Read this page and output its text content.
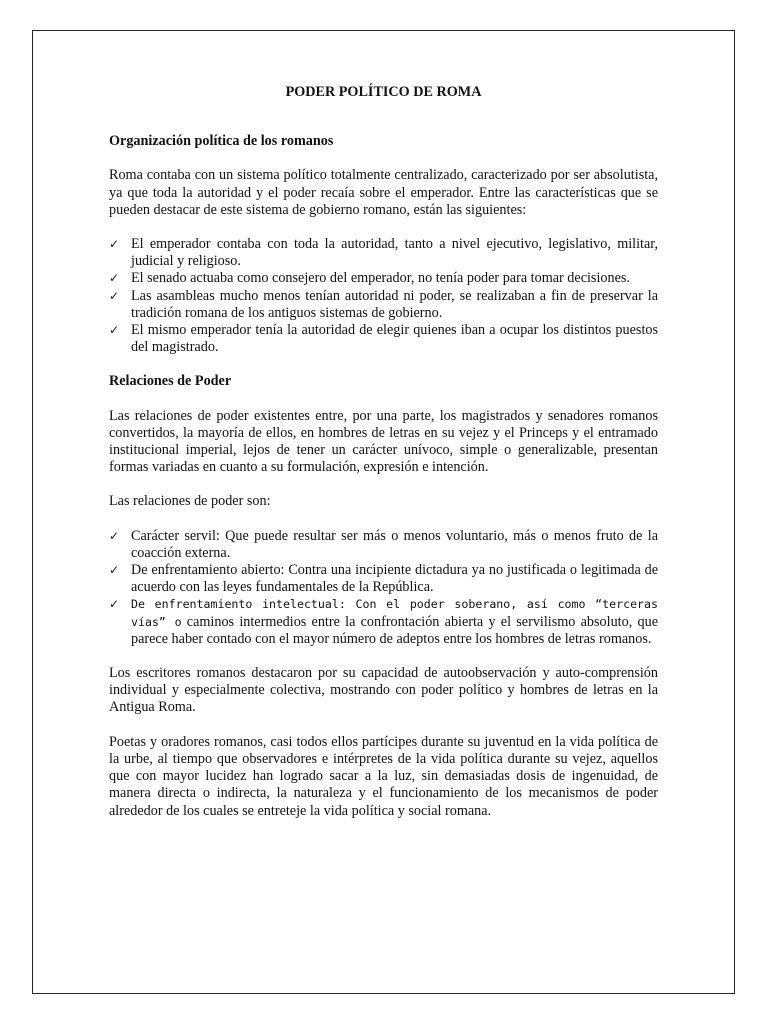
PODER POLÍTICO DE ROMA
Organización política de los romanos
Roma contaba con un sistema político totalmente centralizado, caracterizado por ser absolutista, ya que toda la autoridad y el poder recaía sobre el emperador. Entre las características que se pueden destacar de este sistema de gobierno romano, están las siguientes:
✓ El emperador contaba con toda la autoridad, tanto a nivel ejecutivo, legislativo, militar, judicial y religioso.
✓ El senado actuaba como consejero del emperador, no tenía poder para tomar decisiones.
✓ Las asambleas mucho menos tenían autoridad ni poder, se realizaban a fin de preservar la tradición romana de los antiguos sistemas de gobierno.
✓ El mismo emperador tenía la autoridad de elegir quienes iban a ocupar los distintos puestos del magistrado.
Relaciones de Poder
Las relaciones de poder existentes entre, por una parte, los magistrados y senadores romanos convertidos, la mayoría de ellos, en hombres de letras en su vejez y el Princeps y el entramado institucional imperial, lejos de tener un carácter unívoco, simple o generalizable, presentan formas variadas en cuanto a su formulación, expresión e intención.
Las relaciones de poder son:
✓ Carácter servil: Que puede resultar ser más o menos voluntario, más o menos fruto de la coacción externa.
✓ De enfrentamiento abierto: Contra una incipiente dictadura ya no justificada o legitimada de acuerdo con las leyes fundamentales de la República.
✓	De enfrentamiento intelectual: Con el poder soberano, así como “terceras vías” o caminos intermedios entre la confrontación abierta y el servilismo absoluto, que parece haber contado con el mayor número de adeptos entre los hombres de letras romanos.
Los escritores romanos destacaron por su capacidad de autoobservación y auto-comprensión individual y especialmente colectiva, mostrando con poder político y hombres de letras en la Antigua Roma.
Poetas y oradores romanos, casi todos ellos partícipes durante su juventud en la vida política de la urbe, al tiempo que observadores e intérpretes de la vida política durante su vejez, aquellos que con mayor lucidez han logrado sacar a la luz, sin demasiadas dosis de ingenuidad, de manera directa o indirecta, la naturaleza y el funcionamiento de los mecanismos de poder alrededor de los cuales se entreteje la vida política y social romana.
